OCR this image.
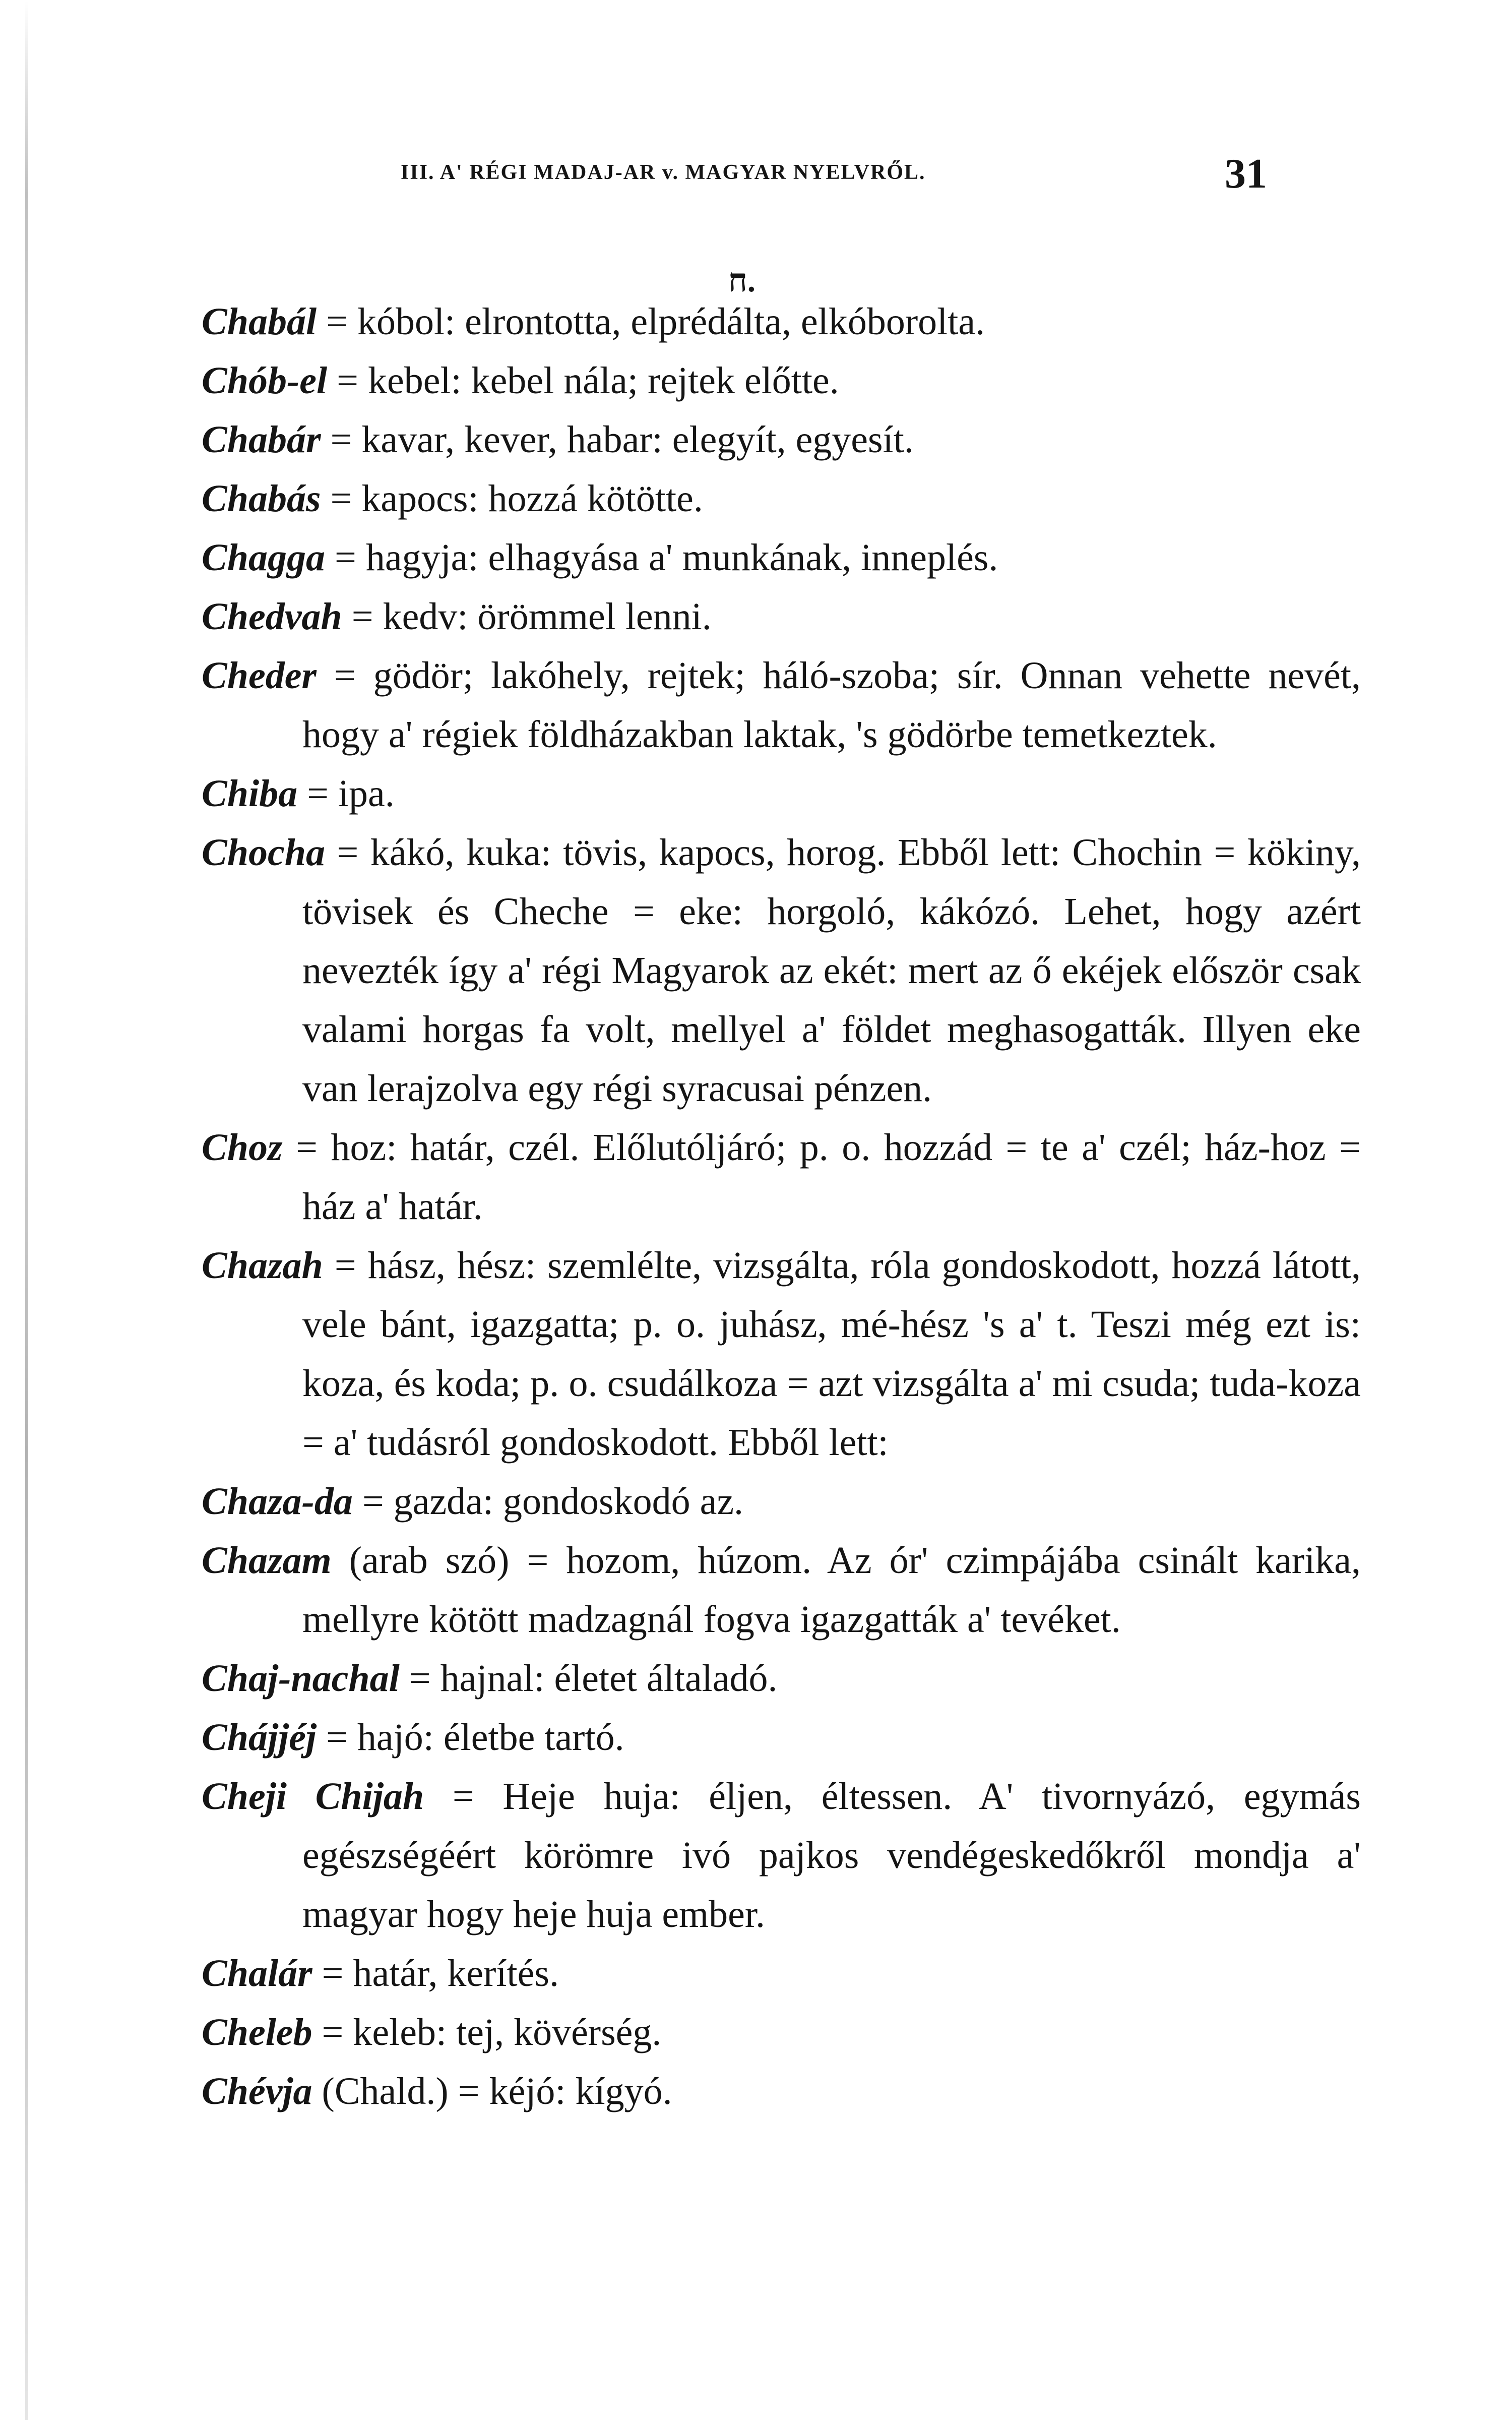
III. A' RÉGI MADAJ-AR v. MAGYAR NYELVRŐL.	31
ח.

Chabál = kóbol: elrontotta, elprédálta, elkóborolta.

Chób-el = kebel: kebel nála; rejtek előtte.

Chabár = kavar, kever, habar: elegyít, egyesít.

Chabás = kapocs: hozzá kötötte.

Chagga = hagyja: elhagyása a' munkának, inneplés.

Chedvah = kedv: örömmel lenni.

Cheder = gödör; lakóhely, rejtek; háló-szoba; sír. Onnan vehette nevét, hogy a' régiek földházakban laktak, 's gödörbe temetkeztek.

Chiba = ipa.

Chocha = kákó, kuka: tövis, kapocs, horog. Ebből lett: Chochin = kökiny, tövisek és Cheche = eke: horgoló, kákózó. Lehet, hogy azért nevezték így a' régi Magyarok az ekét: mert az ő ekéjek először csak valami horgas fa volt, mellyel a' földet meghasogatták. Illyen eke van lerajzolva egy régi syracusai pénzen.

Choz = hoz: határ, czél. Előlutóljáró; p. o. hozzád = te a' czél; ház-hoz = ház a' határ.

Chazah = hász, hész: szemlélte, vizsgálta, róla gondoskodott, hozzá látott, vele bánt, igazgatta; p. o. juhász, mé-hész 's a' t. Teszi még ezt is: koza, és koda; p. o. csudálkoza = azt vizsgálta a' mi csuda; tuda-koza = a' tudásról gondoskodott. Ebből lett:

Chaza-da = gazda: gondoskodó az.

Chazam (arab szó) = hozom, húzom. Az ór' czimpájába csinált karika, mellyre kötött madzagnál fogva igazgatták a' tevéket.

Chaj-nachal = hajnal: életet általadó.

Chájjéj = hajó: életbe tartó.

Cheji Chijah = Heje huja: éljen, éltessen. A' tivornyázó, egymás egészségéért körömre ivó pajkos vendégeskedőkről mondja a' magyar hogy heje huja ember.

Chalár = határ, kerítés.

Cheleb = keleb: tej, kövérség.

Chévja (Chald.) = kéjó: kígyó.
